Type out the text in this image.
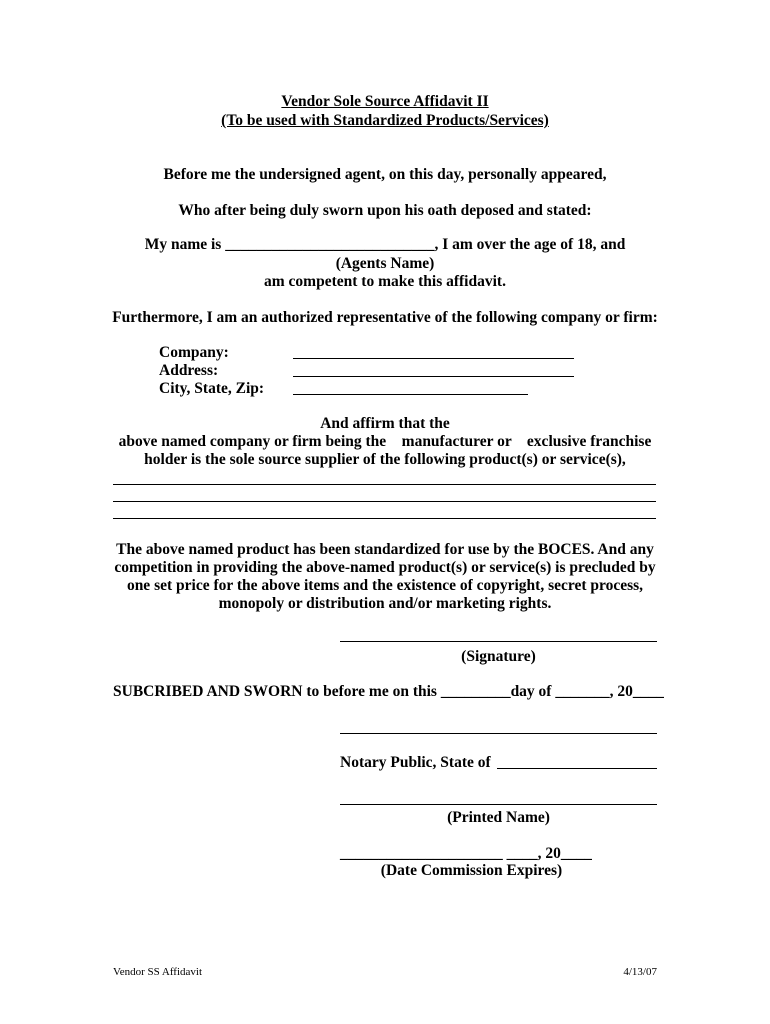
Vendor Sole Source Affidavit II
(To be used with Standardized Products/Services)
Before me the undersigned agent, on this day, personally appeared,
Who after being duly sworn upon his oath deposed and stated:
My name is ___________________________, I am over the age of 18, and
(Agents Name)
am competent to make this affidavit.
Furthermore, I am an authorized representative of the following company or firm:
Company:
Address:
City, State, Zip:
And affirm that the
above named company or firm being the    manufacturer or    exclusive franchise
holder is the sole source supplier of the following product(s) or service(s),
The above named product has been standardized for use by the BOCES. And any
competition in providing the above-named product(s) or service(s) is precluded by
one set price for the above items and the existence of copyright, secret process,
monopoly or distribution and/or marketing rights.
(Signature)
SUBCRIBED AND SWORN to before me on this _________day of _______, 20____
Notary Public, State of
(Printed Name)
_____________________ ____, 20____
(Date Commission Expires)
Vendor SS Affidavit	4/13/07
